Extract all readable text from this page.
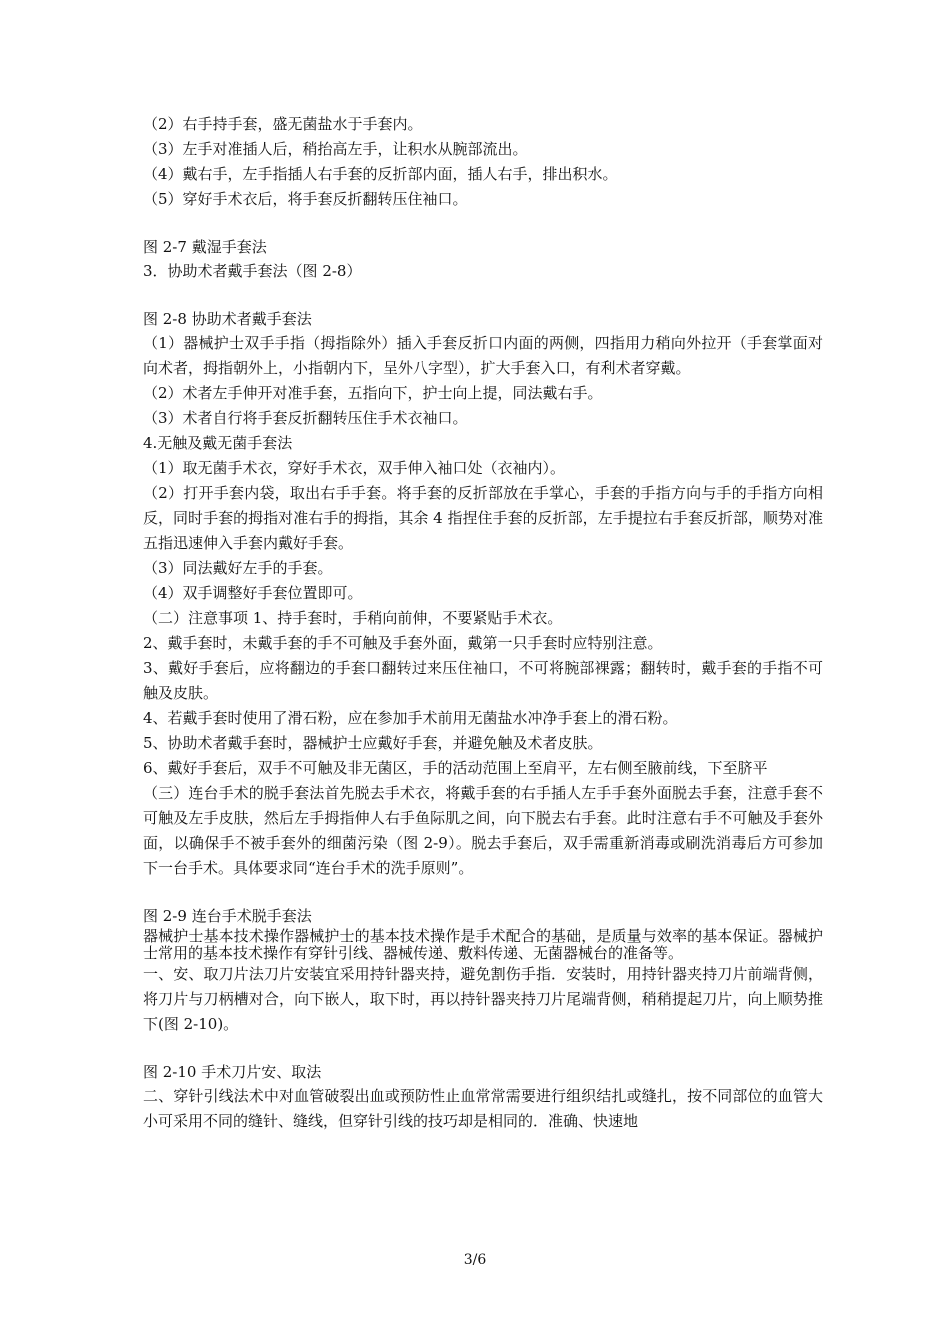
（2）右手持手套，盛无菌盐水于手套内。

（3）左手对准插人后，稍抬高左手，让积水从腕部流出。

（4）戴右手，左手指插人右手套的反折部内面，插人右手，排出积水。

（5）穿好手术衣后，将手套反折翻转压住袖口。

图 2-7 戴湿手套法

3．协助术者戴手套法（图 2-8）

图 2-8 协助术者戴手套法

（1）器械护士双手手指（拇指除外）插入手套反折口内面的两侧，四指用力稍向外拉开（手套掌面对向术者，拇指朝外上，小指朝内下，呈外八字型），扩大手套入口，有利术者穿戴。

（2）术者左手伸开对准手套，五指向下，护士向上提，同法戴右手。

（3）术者自行将手套反折翻转压住手术衣袖口。

4.无触及戴无菌手套法

（1）取无菌手术衣，穿好手术衣，双手伸入袖口处（衣袖内）。

（2）打开手套内袋，取出右手手套。将手套的反折部放在手掌心，手套的手指方向与手的手指方向相反，同时手套的拇指对准右手的拇指，其余 4 指捏住手套的反折部，左手提拉右手套反折部，顺势对准五指迅速伸入手套内戴好手套。

（3）同法戴好左手的手套。

（4）双手调整好手套位置即可。

（二）注意事项 1、持手套时，手稍向前伸，不要紧贴手术衣。

2、戴手套时，未戴手套的手不可触及手套外面，戴第一只手套时应特别注意。

3、戴好手套后，应将翻边的手套口翻转过来压住袖口，不可将腕部裸露；翻转时，戴手套的手指不可触及皮肤。

4、若戴手套时使用了滑石粉，应在参加手术前用无菌盐水冲净手套上的滑石粉。

5、协助术者戴手套时，器械护士应戴好手套，并避免触及术者皮肤。

6、戴好手套后，双手不可触及非无菌区，手的活动范围上至肩平，左右侧至腋前线，下至脐平

（三）连台手术的脱手套法首先脱去手术衣，将戴手套的右手插人左手手套外面脱去手套，注意手套不可触及左手皮肤，然后左手拇指伸人右手鱼际肌之间，向下脱去右手套。此时注意右手不可触及手套外面，以确保手不被手套外的细菌污染（图 2-9）。脱去手套后，双手需重新消毒或刷洗消毒后方可参加下一台手术。具体要求同“连台手术的洗手原则”。

图 2-9 连台手术脱手套法

器械护士基本技术操作器械护士的基本技术操作是手术配合的基础，是质量与效率的基本保证。器械护士常用的基本技术操作有穿针引线、器械传递、敷料传递、无菌器械台的准备等。

一、安、取刀片法刀片安装宜采用持针器夹持，避免割伤手指．安装时，用持针器夹持刀片前端背侧，将刀片与刀柄槽对合，向下嵌人，取下时，再以持针器夹持刀片尾端背侧，稍稍提起刀片，向上顺势推下(图 2-10)。

图 2-10 手术刀片安、取法

二、穿针引线法术中对血管破裂出血或预防性止血常常需要进行组织结扎或缝扎，按不同部位的血管大小可采用不同的缝针、缝线，但穿针引线的技巧却是相同的．准确、快速地

3/6
